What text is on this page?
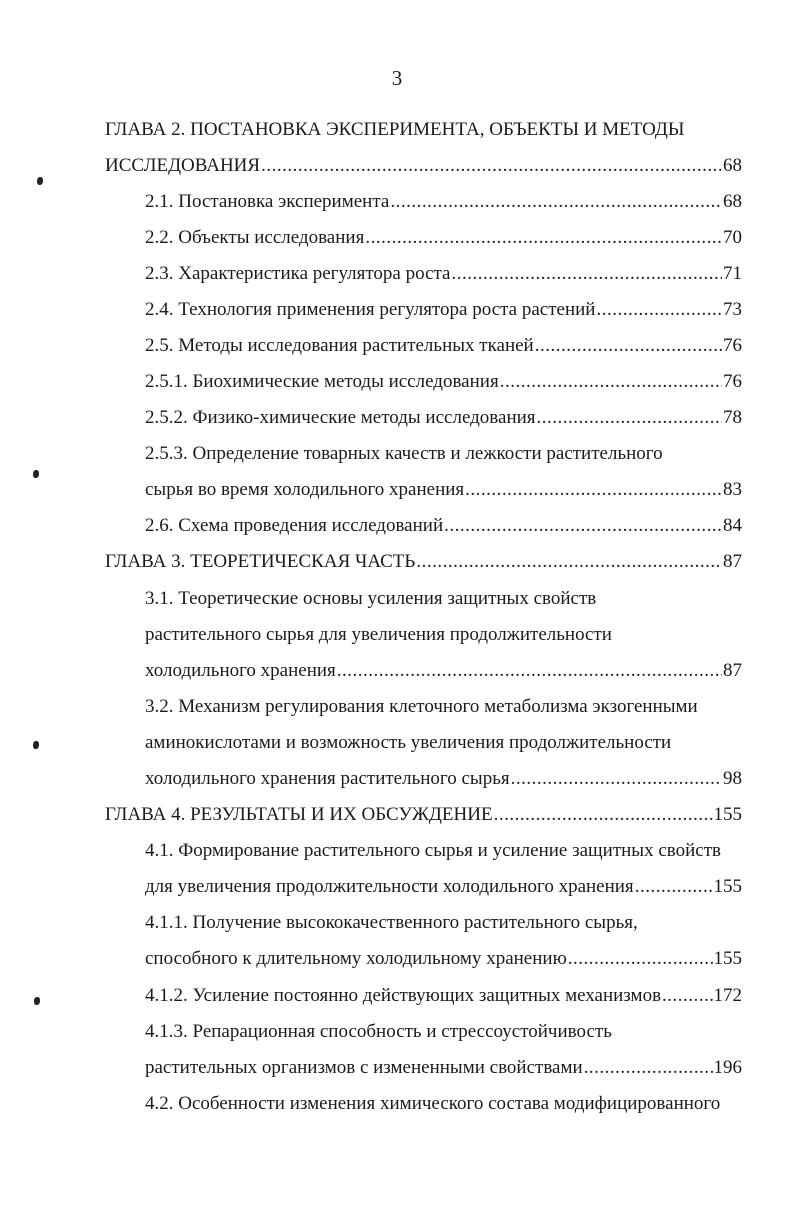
3
ГЛАВА 2. ПОСТАНОВКА ЭКСПЕРИМЕНТА, ОБЪЕКТЫ И МЕТОДЫ
ИССЛЕДОВАНИЯ .....	68
2.1. Постановка эксперимента .....	68
2.2. Объекты исследования .....	70
2.3. Характеристика регулятора роста .....	71
2.4. Технология применения регулятора роста растений .....	73
2.5. Методы исследования растительных тканей .....	76
2.5.1. Биохимические методы исследования .....	76
2.5.2. Физико-химические методы исследования .....	78
2.5.3. Определение товарных качеств и лежкости растительного
сырья во время холодильного хранения .....	83
2.6. Схема проведения исследований .....	84
ГЛАВА 3. ТЕОРЕТИЧЕСКАЯ ЧАСТЬ .....	87
3.1. Теоретические основы усиления защитных свойств
растительного сырья для увеличения продолжительности
холодильного хранения .....	87
3.2. Механизм регулирования клеточного метаболизма экзогенными
аминокислотами и возможность увеличения продолжительности
холодильного хранения растительного сырья .....	98
ГЛАВА 4. РЕЗУЛЬТАТЫ И ИХ ОБСУЖДЕНИЕ .....	155
4.1. Формирование растительного сырья и усиление защитных свойств
для увеличения продолжительности холодильного хранения .....	155
4.1.1. Получение высококачественного растительного сырья,
способного к длительному холодильному хранению .....	155
4.1.2. Усиление постоянно действующих защитных механизмов .....	172
4.1.3. Репарационная способность и стрессоустойчивость
растительных организмов с измененными свойствами .....	196
4.2. Особенности изменения химического состава модифицированного
